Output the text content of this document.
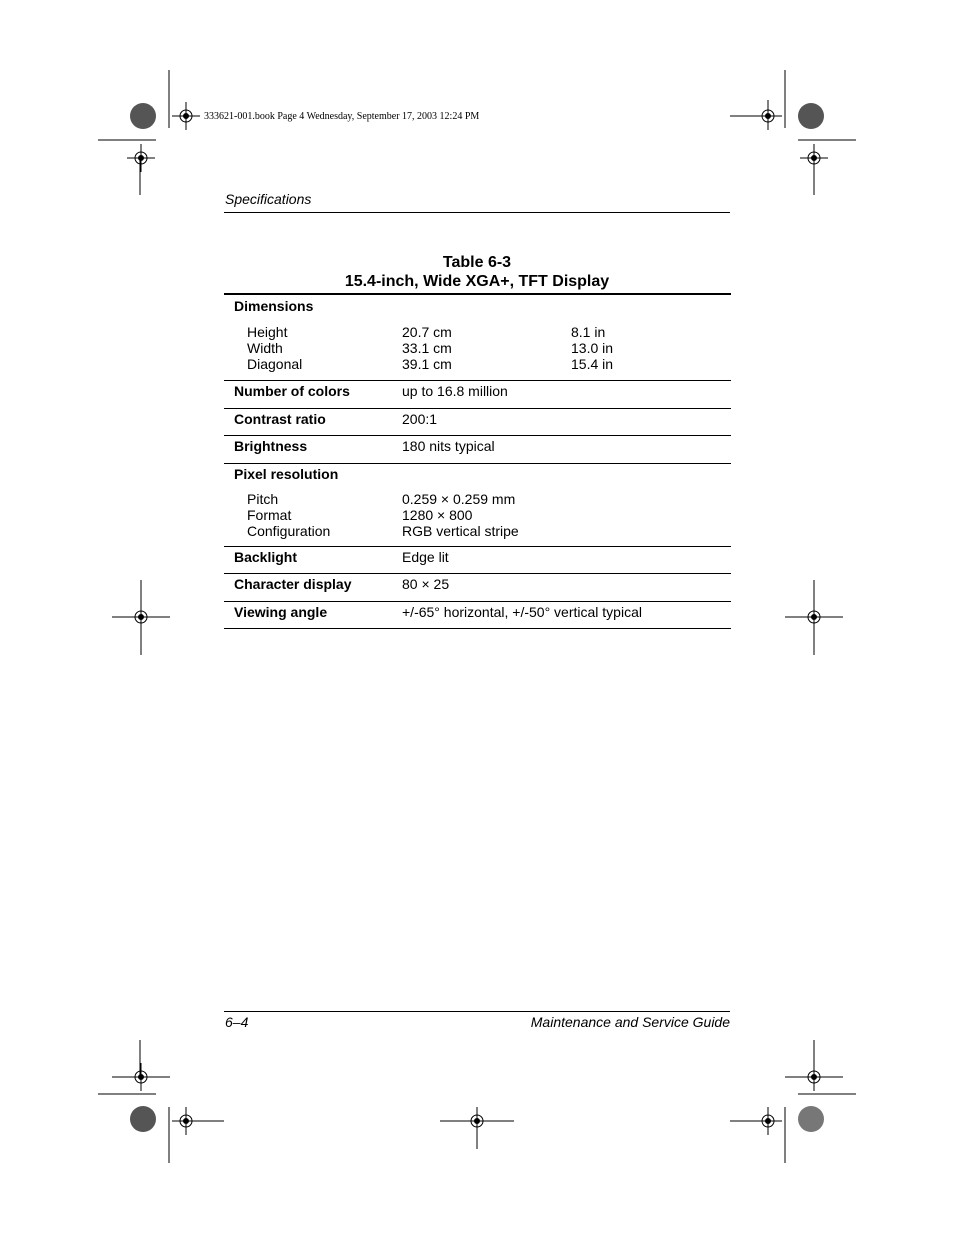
333621-001.book Page 4 Wednesday, September 17, 2003 12:24 PM
Specifications
Table 6-3
15.4-inch, Wide XGA+, TFT Display
Dimensions		
Height	20.7 cm	8.1 in
Width	33.1 cm	13.0 in
Diagonal	39.1 cm	15.4 in
Number of colors	up to 16.8 million	
Contrast ratio	200:1	
Brightness	180 nits typical	
Pixel resolution		
Pitch	0.259 × 0.259 mm	
Format	1280 × 800	
Configuration	RGB vertical stripe	
Backlight	Edge lit	
Character display	80 × 25	
Viewing angle	+/-65° horizontal, +/-50° vertical typical	
6–4	Maintenance and Service Guide
